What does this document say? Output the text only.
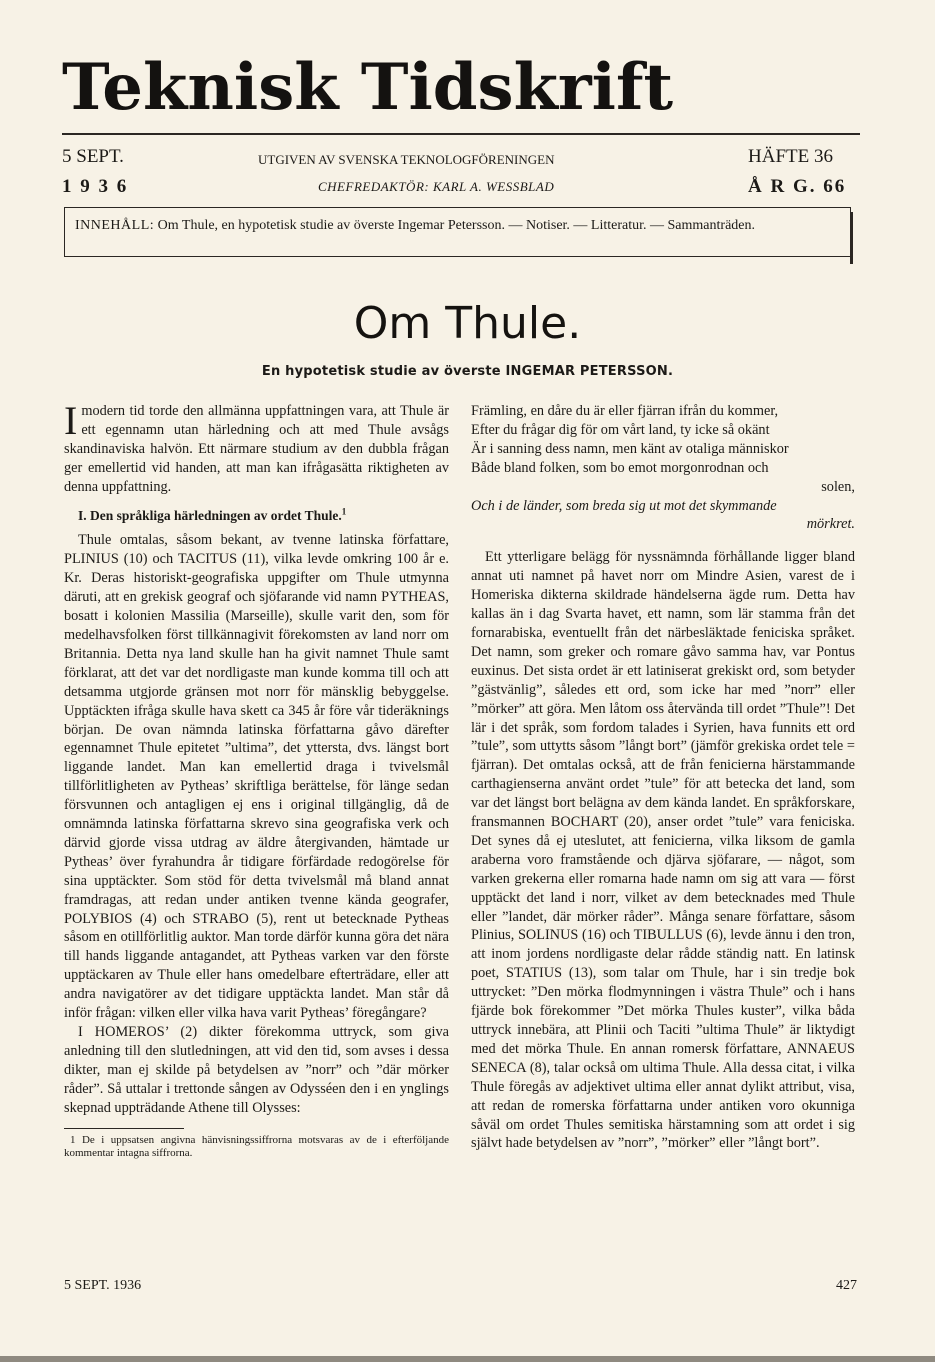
Teknisk Tidskrift
5 SEPT.
1 9 3 6
UTGIVEN AV SVENSKA TEKNOLOGFÖRENINGEN
CHEFREDAKTÖR: KARL A. WESSBLAD
HÄFTE 36
Å R G. 66
INNEHÅLL: Om Thule, en hypotetisk studie av överste Ingemar Petersson. — Notiser. — Litteratur. — Sammanträden.
Om Thule.
En hypotetisk studie av överste INGEMAR PETERSSON.

Imodern tid torde den allmänna uppfattningen vara, att Thule är ett egennamn utan härledning och att med Thule avsågs skandinaviska halvön. Ett närmare studium av den dubbla frågan ger emellertid vid handen, att man kan ifrågasätta riktigheten av denna uppfattning.

I. Den språkliga härledningen av ordet Thule.$^1$

Thule omtalas, såsom bekant, av tvenne latinska författare, PLINIUS (10) och TACITUS (11), vilka levde omkring 100 år e. Kr. Deras historiskt-geografiska uppgifter om Thule utmynna däruti, att en grekisk geograf och sjöfarande vid namn PYTHEAS, bosatt i kolonien Massilia (Marseille), skulle varit den, som för medelhavsfolken först tillkännagivit förekomsten av land norr om Britannia. Detta nya land skulle han ha givit namnet Thule samt förklarat, att det var det nordligaste man kunde komma till och att detsamma utgjorde gränsen mot norr för mänsklig bebyggelse. Upptäckten ifråga skulle hava skett ca 345 år före vår tideräknings början. De ovan nämnda latinska författarna gåvo därefter egennamnet Thule epitetet ”ultima”, det yttersta, dvs. längst bort liggande landet. Man kan emellertid draga i tvivelsmål tillförlitligheten av Pytheas’ skriftliga berättelse, för länge sedan försvunnen och antagligen ej ens i original tillgänglig, då de omnämnda latinska författarna skrevo sina geografiska verk och därvid gjorde vissa utdrag av äldre återgivanden, hämtade ur Pytheas’ över fyrahundra år tidigare förfärdade redogörelse för sina upptäckter. Som stöd för detta tvivelsmål må bland annat framdragas, att redan under antiken tvenne kända geografer, POLYBIOS (4) och STRABO (5), rent ut betecknade Pytheas såsom en otillförlitlig auktor. Man torde därför kunna göra det nära till hands liggande antagandet, att Pytheas varken var den förste upptäckaren av Thule eller hans omedelbare efterträdare, eller att andra navigatörer av det tidigare upptäckta landet. Man står då inför frågan: vilken eller vilka hava varit Pytheas’ föregångare?

I HOMEROS’ (2) dikter förekomma uttryck, som giva anledning till den slutledningen, att vid den tid, som avses i dessa dikter, man ej skilde på betydelsen av ”norr” och ”där mörker råder”. Så uttalar i trettonde sången av Odysséen den i en ynglings skepnad uppträdande Athene till Olysses:

1 De i uppsatsen angivna hänvisningssiffrorna motsvaras av de i efterföljande kommentar intagna siffrorna.
Främling, en dåre du är eller fjärran ifrån du kommer,
Efter du frågar dig för om vårt land, ty icke så okänt
Är i sanning dess namn, men känt av otaliga människor
Både bland folken, som bo emot morgonrodnan och
solen,
Och i de länder, som breda sig ut mot det skymmande
mörkret.

Ett ytterligare belägg för nyssnämnda förhållande ligger bland annat uti namnet på havet norr om Mindre Asien, varest de i Homeriska dikterna skildrade händelserna ägde rum. Detta hav kallas än i dag Svarta havet, ett namn, som lär stamma från det fornarabiska, eventuellt från det närbesläktade feniciska språket. Det namn, som greker och romare gåvo samma hav, var Pontus euxinus. Det sista ordet är ett latiniserat grekiskt ord, som betyder ”gästvänlig”, således ett ord, som icke har med ”norr” eller ”mörker” att göra. Men låtom oss återvända till ordet ”Thule”! Det lär i det språk, som fordom talades i Syrien, hava funnits ett ord ”tule”, som uttytts såsom ”långt bort” (jämför grekiska ordet tele = fjärran). Det omtalas också, att de från fenicierna härstammande carthagienserna använt ordet ”tule” för att betecka det land, som var det längst bort belägna av dem kända landet. En språkforskare, fransmannen BOCHART (20), anser ordet ”tule” vara feniciska. Det synes då ej uteslutet, att fenicierna, vilka liksom de gamla araberna voro framstående och djärva sjöfarare, — något, som varken grekerna eller romarna hade namn om sig att vara — först upptäckt det land i norr, vilket av dem betecknades med Thule eller ”landet, där mörker råder”. Många senare författare, såsom Plinius, SOLINUS (16) och TIBULLUS (6), levde ännu i den tron, att inom jordens nordligaste delar rådde ständig natt. En latinsk poet, STATIUS (13), som talar om Thule, har i sin tredje bok uttrycket: ”Den mörka flodmynningen i västra Thule” och i hans fjärde bok förekommer ”Det mörka Thules kuster”, vilka båda uttryck innebära, att Plinii och Taciti ”ultima Thule” är liktydigt med det mörka Thule. En annan romersk författare, ANNAEUS SENECA (8), talar också om ultima Thule. Alla dessa citat, i vilka Thule föregås av adjektivet ultima eller annat dylikt attribut, visa, att redan de romerska författarna under antiken voro okunniga såväl om ordet Thules semitiska härstamning som att ordet i sig självt hade betydelsen av ”norr”, ”mörker” eller ”långt bort”.

5 SEPT. 1936	427
